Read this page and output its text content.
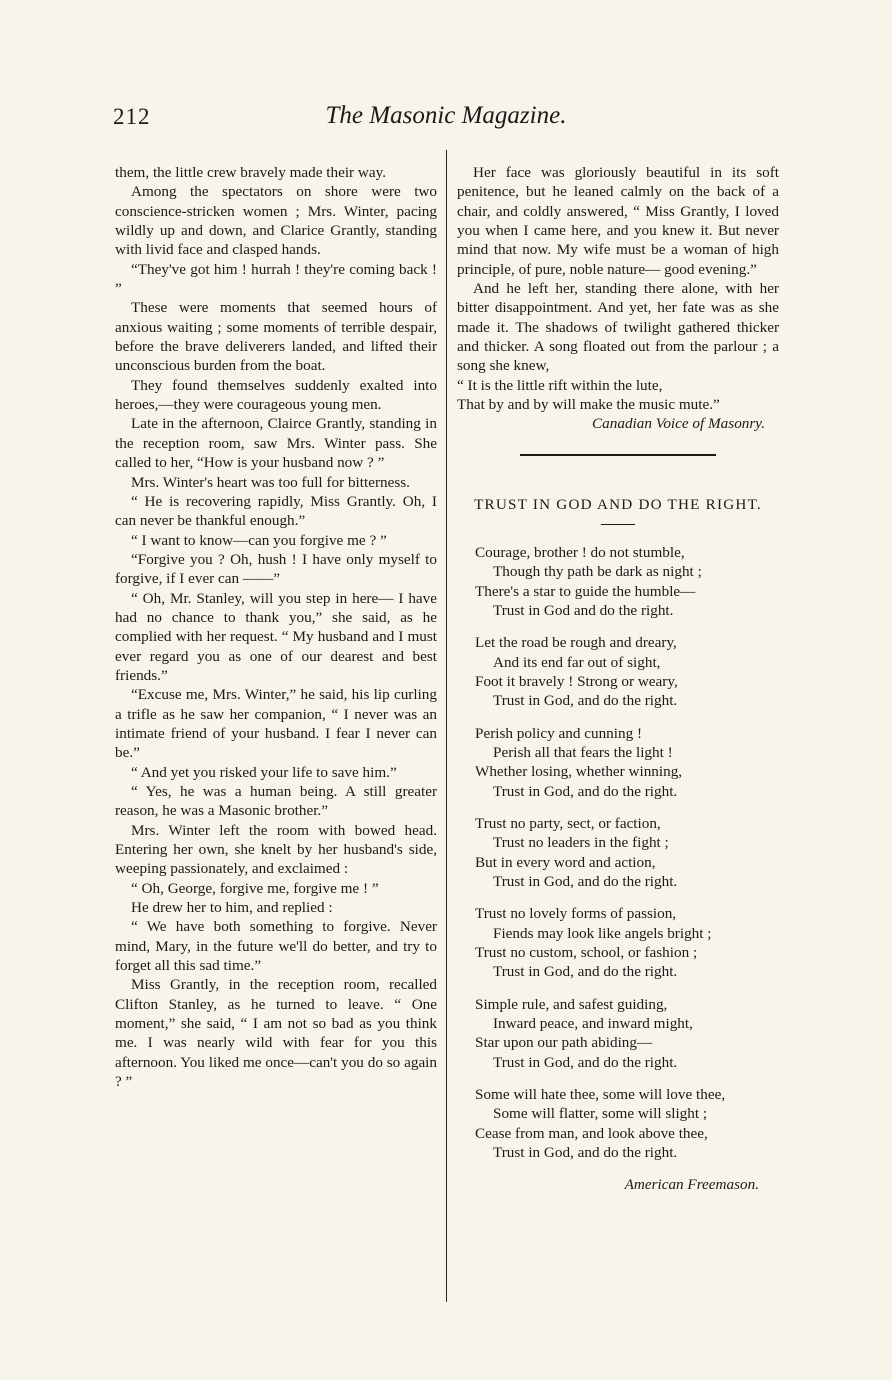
212	The Masonic Magazine.

them, the little crew bravely made their way.

Among the spectators on shore were two conscience-stricken women ; Mrs. Winter, pacing wildly up and down, and Clarice Grantly, standing with livid face and clasped hands.

“They've got him ! hurrah ! they're coming back ! ”

These were moments that seemed hours of anxious waiting ; some moments of terrible despair, before the brave deliverers landed, and lifted their unconscious burden from the boat.

They found themselves suddenly exalted into heroes,—they were courageous young men.

Late in the afternoon, Clairce Grantly, standing in the reception room, saw Mrs. Winter pass. She called to her, “How is your husband now ? ”

Mrs. Winter's heart was too full for bitterness.

“ He is recovering rapidly, Miss Grantly. Oh, I can never be thankful enough.”

“ I want to know—can you forgive me ? ”

“Forgive you ? Oh, hush ! I have only myself to forgive, if I ever can ——”

“ Oh, Mr. Stanley, will you step in here— I have had no chance to thank you,” she said, as he complied with her request. “ My husband and I must ever regard you as one of our dearest and best friends.”

“Excuse me, Mrs. Winter,” he said, his lip curling a trifle as he saw her companion, “ I never was an intimate friend of your husband. I fear I never can be.”

“ And yet you risked your life to save him.”

“ Yes, he was a human being. A still greater reason, he was a Masonic brother.”

Mrs. Winter left the room with bowed head. Entering her own, she knelt by her husband's side, weeping passionately, and exclaimed :

“ Oh, George, forgive me, forgive me ! ”

He drew her to him, and replied :

“ We have both something to forgive. Never mind, Mary, in the future we'll do better, and try to forget all this sad time.”

Miss Grantly, in the reception room, recalled Clifton Stanley, as he turned to leave. “ One moment,” she said, “ I am not so bad as you think me. I was nearly wild with fear for you this afternoon. You liked me once—can't you do so again ? ”

Her face was gloriously beautiful in its soft penitence, but he leaned calmly on the back of a chair, and coldly answered, “ Miss Grantly, I loved you when I came here, and you knew it. But never mind that now. My wife must be a woman of high principle, of pure, noble nature— good evening.”

And he left her, standing there alone, with her bitter disappointment. And yet, her fate was as she made it. The shadows of twilight gathered thicker and thicker. A song floated out from the parlour ; a song she knew,

“ It is the little rift within the lute,

That by and by will make the music mute.”

Canadian Voice of Masonry.

TRUST IN GOD AND DO THE RIGHT.

Courage, brother ! do not stumble,

Though thy path be dark as night ;

There's a star to guide the humble—

Trust in God and do the right.

Let the road be rough and dreary,

And its end far out of sight,

Foot it bravely ! Strong or weary,

Trust in God, and do the right.

Perish policy and cunning !

Perish all that fears the light !

Whether losing, whether winning,

Trust in God, and do the right.

Trust no party, sect, or faction,

Trust no leaders in the fight ;

But in every word and action,

Trust in God, and do the right.

Trust no lovely forms of passion,

Fiends may look like angels bright ;

Trust no custom, school, or fashion ;

Trust in God, and do the right.

Simple rule, and safest guiding,

Inward peace, and inward might,

Star upon our path abiding—

Trust in God, and do the right.

Some will hate thee, some will love thee,

Some will flatter, some will slight ;

Cease from man, and look above thee,

Trust in God, and do the right.

American Freemason.
